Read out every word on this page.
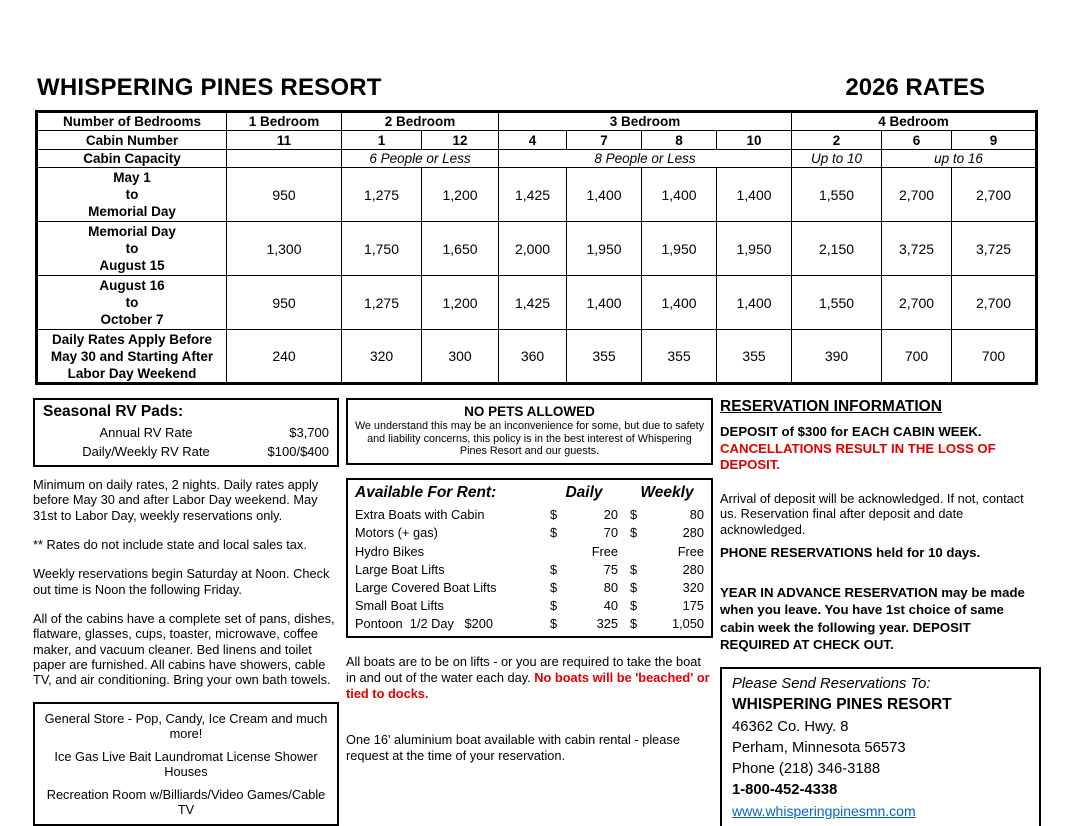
WHISPERING PINES RESORT	2026 RATES
Number of Bedrooms	1 Bedroom	2 Bedroom		3 Bedroom				4 Bedroom		
Cabin Number	11	1	12	4	7	8	10	2	6	9
Cabin Capacity		6 People or Less		8 People or Less				Up to 10	up to 16	

May 1
to
Memorial Day	950	1,275	1,200	1,425	1,400	1,400	1,400	1,550	2,700	2,700

Memorial Day
to
August 15	1,300	1,750	1,650	2,000	1,950	1,950	1,950	2,150	3,725	3,725

August 16
to
October 7	950	1,275	1,200	1,425	1,400	1,400	1,400	1,550	2,700	2,700

Daily Rates Apply Before
May 30 and Starting After
Labor Day Weekend	240	320	300	360	355	355	355	390	700	700
Seasonal RV Pads:
Annual RV Rate	$3,700
Daily/Weekly RV Rate	$100/$400

Minimum on daily rates, 2 nights. Daily rates apply before May 30 and after Labor Day weekend. May 31st to Labor Day, weekly reservations only.

** Rates do not include state and local sales tax.

Weekly reservations begin Saturday at Noon. Check out time is Noon the following Friday.

All of the cabins have a complete set of pans, dishes, flatware, glasses, cups, toaster, microwave, coffee maker, and vacuum cleaner. Bed linens and toilet paper are furnished. All cabins have showers, cable TV, and air conditioning. Bring your own bath towels.

General Store - Pop, Candy, Ice Cream and much more!
Ice Gas Live Bait Laundromat License Shower Houses
Recreation Room w/Billiards/Video Games/Cable TV
NO PETS ALLOWED
We understand this may be an inconvenience for some, but due to safety and liability concerns, this policy is in the best interest of Whispering Pines Resort and our guests.
Available For Rent:	Daily	Weekly
Extra Boats with Cabin	$	20 $	80
Motors (+ gas)	$	70 $	280
Hydro Bikes	Free	Free
Large Boat Lifts	$	75 $	280
Large Covered Boat Lifts	$	80 $	320
Small Boat Lifts	$	40 $	175
Pontoon  1/2 Day   $200	$	325 $	1,050
All boats are to be on lifts - or you are required to take the boat in and out of the water each day. No boats will be 'beached' or tied to docks.
One 16' aluminium boat available with cabin rental - please request at the time of your reservation.
RESERVATION INFORMATION
DEPOSIT of $300 for EACH CABIN WEEK.
CANCELLATIONS RESULT IN THE LOSS OF DEPOSIT.
Arrival of deposit will be acknowledged. If not, contact us. Reservation final after deposit and date acknowledged.
PHONE RESERVATIONS held for 10 days.
YEAR IN ADVANCE RESERVATION may be made when you leave. You have 1st choice of same cabin week the following year. DEPOSIT REQUIRED AT CHECK OUT.
Please Send Reservations To:
WHISPERING PINES RESORT
46362 Co. Hwy. 8
Perham, Minnesota 56573
Phone (218) 346-3188
1-800-452-4338
www.whisperingpinesmn.com
